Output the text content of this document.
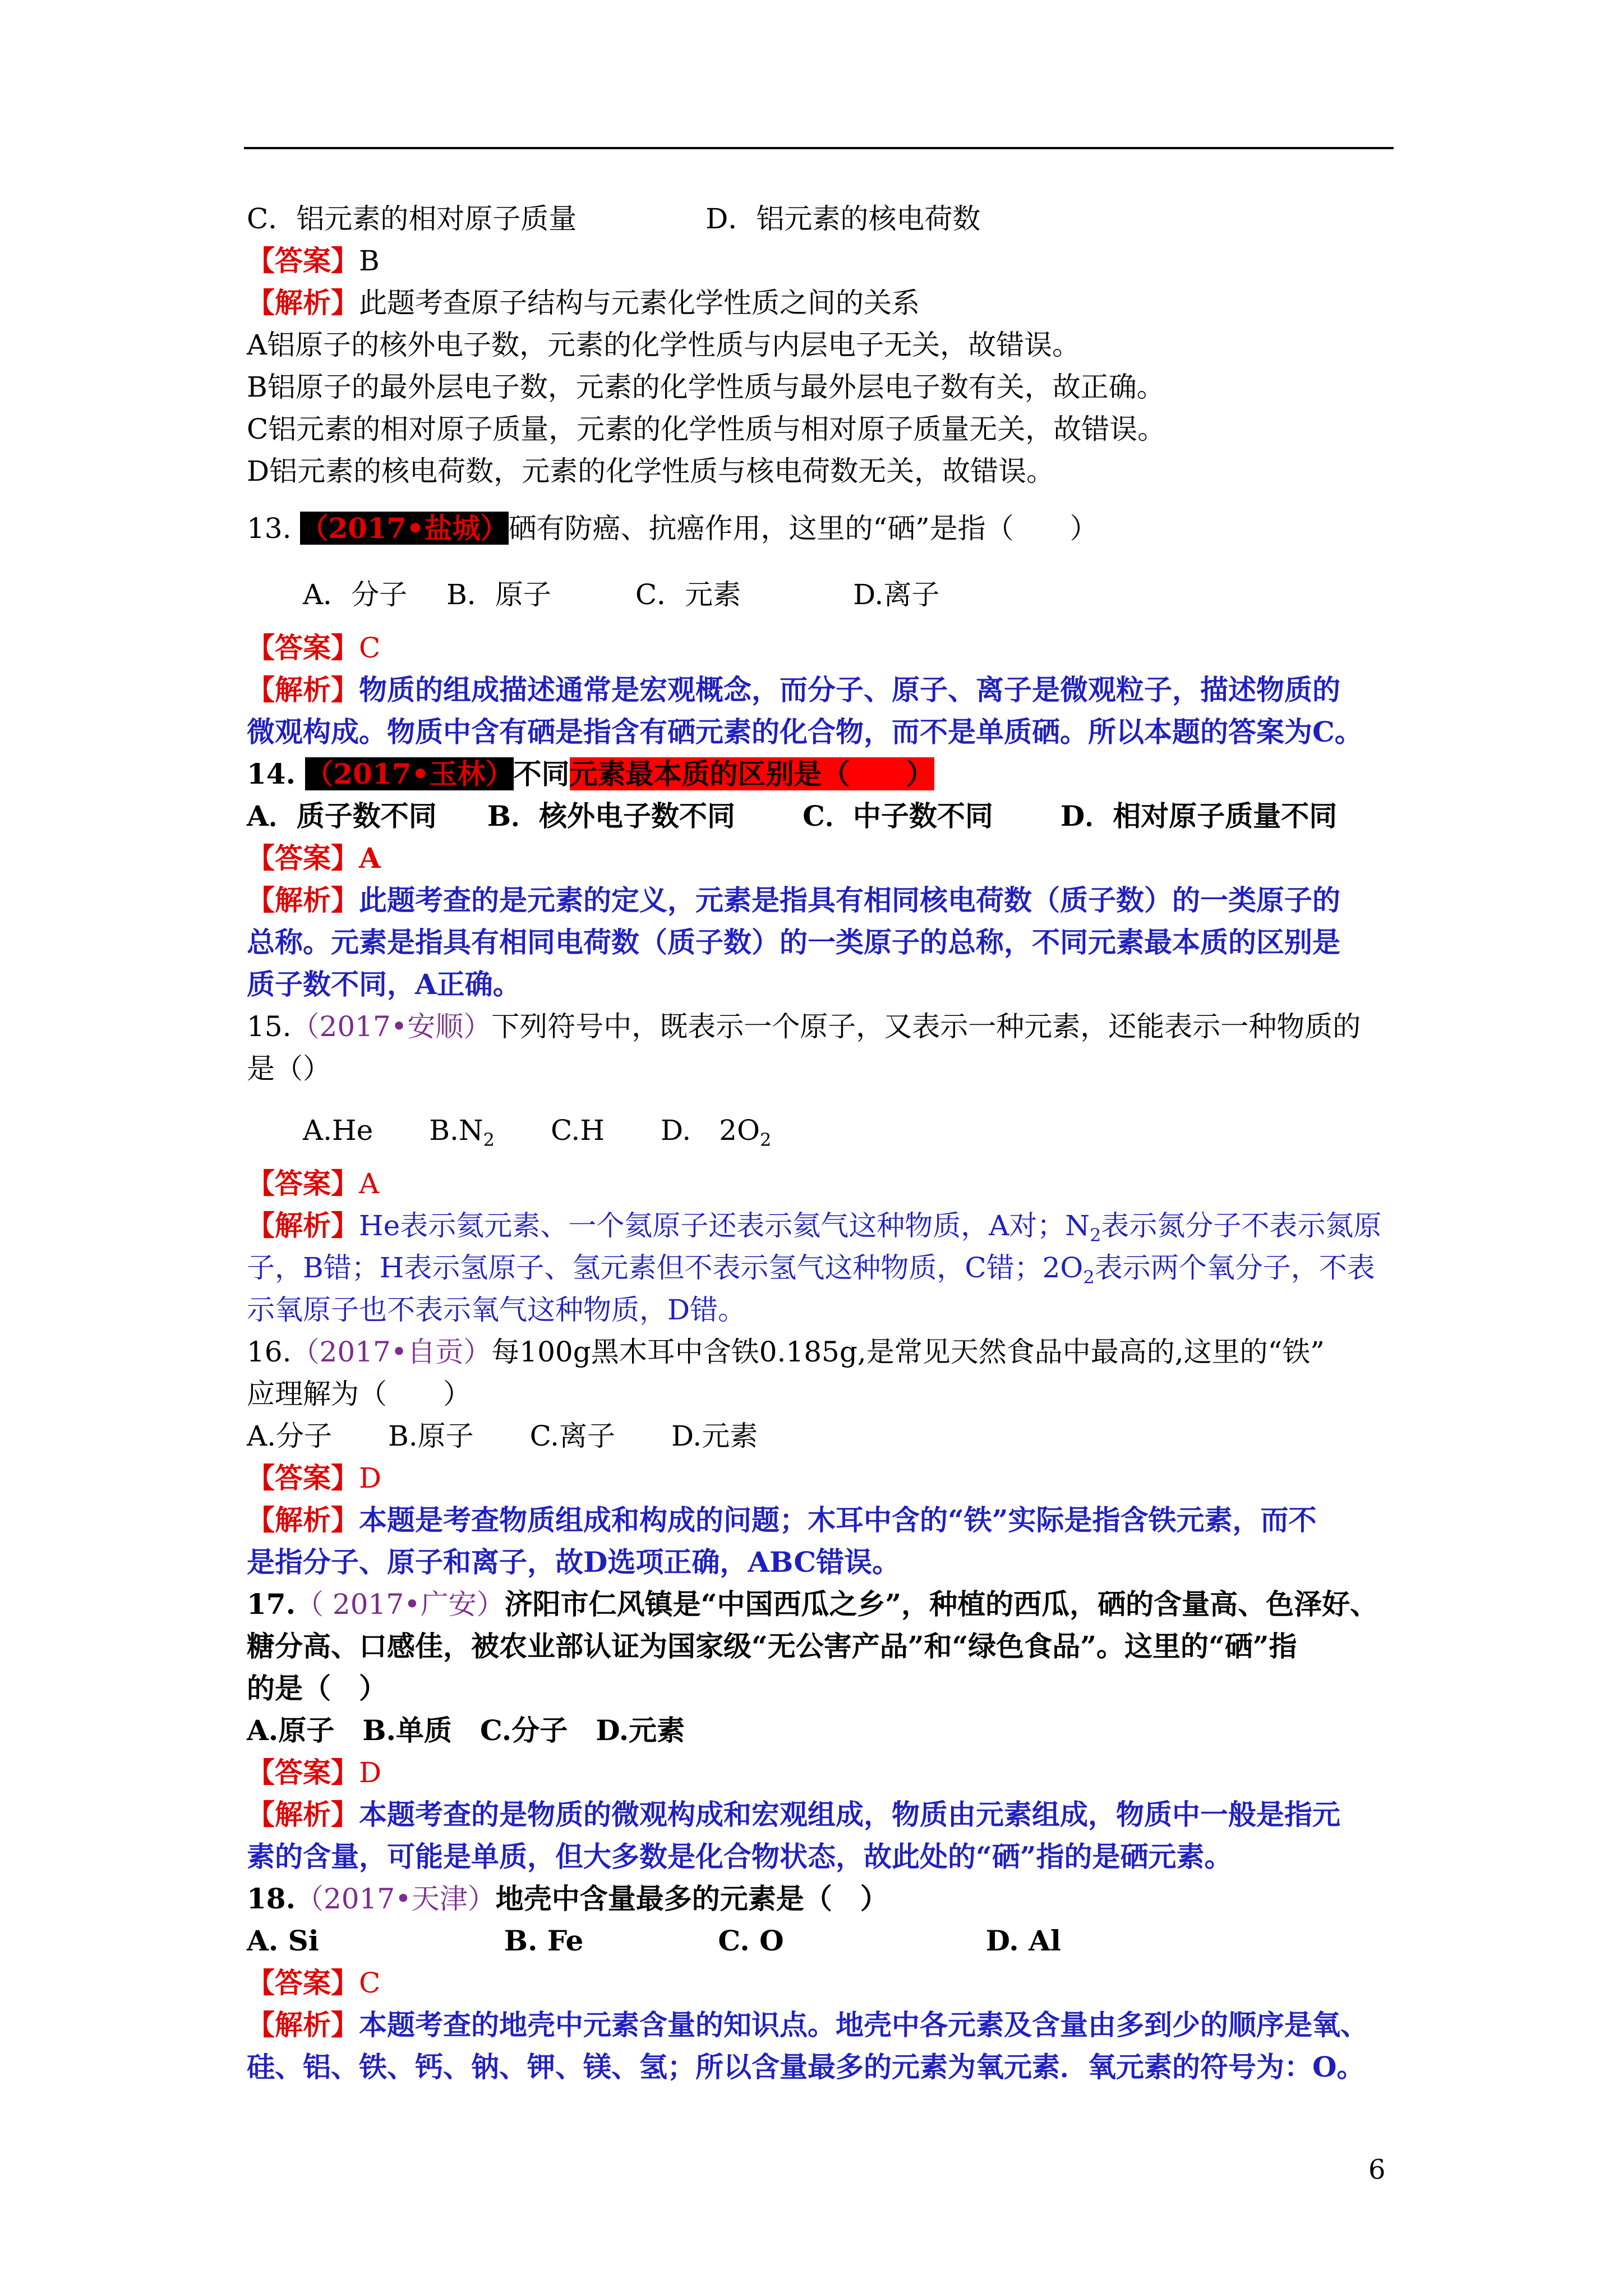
C．铝元素的相对原子质量	D．铝元素的核电荷数
【答案】B
【解析】此题考查原子结构与元素化学性质之间的关系
A铝原子的核外电子数，元素的化学性质与内层电子无关，故错误。
B铝原子的最外层电子数，元素的化学性质与最外层电子数有关，故正确。
C铝元素的相对原子质量，元素的化学性质与相对原子质量无关，故错误。
D铝元素的核电荷数，元素的化学性质与核电荷数无关，故错误。
13. （2017•盐城）硒有防癌、抗癌作用，这里的“硒”是指（　　）
A．分子 B．原子	C．元素	D.离子
【答案】C
【解析】物质的组成描述通常是宏观概念，而分子、原子、离子是微观粒子，描述物质的
微观构成。物质中含有硒是指含有硒元素的化合物，而不是单质硒。所以本题的答案为C。
14. （2017•玉林）不同元素最本质的区别是（　　）
A．质子数不同 B．核外电子数不同 C．中子数不同 D．相对原子质量不同
【答案】A
【解析】此题考查的是元素的定义，元素是指具有相同核电荷数（质子数）的一类原子的
总称。元素是指具有相同电荷数（质子数）的一类原子的总称，不同元素最本质的区别是
质子数不同，A正确。
15.（2017•安顺）下列符号中，既表示一个原子，又表示一种元素，还能表示一种物质的
是（）
A.He $B.N_2$ C.H D.　$2O_2$
【答案】A
【解析】He表示氦元素、一个氦原子还表示氦气这种物质，A对；$N_2$表示氮分子不表示氮原
子，B错；H表示氢原子、氢元素但不表示氢气这种物质，C错；$2O_2$表示两个氧分子，不表
示氧原子也不表示氧气这种物质，D错。
16.（2017•自贡）每100g黑木耳中含铁0.185g,是常见天然食品中最高的,这里的“铁”
应理解为（　　）
A.分子　　B.原子　　C.离子　　D.元素
【答案】D
【解析】本题是考查物质组成和构成的问题；木耳中含的“铁”实际是指含铁元素，而不
是指分子、原子和离子，故D选项正确，ABC错误。
17.（ 2017•广安）济阳市仁风镇是“中国西瓜之乡”，种植的西瓜，硒的含量高、色泽好、
糖分高、口感佳，被农业部认证为国家级“无公害产品”和“绿色食品”。这里的“硒”指
的是（　）
A.原子　B.单质　C.分子　D.元素
【答案】D
【解析】本题考查的是物质的微观构成和宏观组成，物质由元素组成，物质中一般是指元
素的含量，可能是单质，但大多数是化合物状态，故此处的“硒”指的是硒元素。
18.（2017•天津）地壳中含量最多的元素是（　）
A. Si	B. Fe	C. O	D. Al
【答案】C
【解析】本题考查的地壳中元素含量的知识点。地壳中各元素及含量由多到少的顺序是氧、
硅、铝、铁、钙、钠、钾、镁、氢；所以含量最多的元素为氧元素．氧元素的符号为：O。
6
